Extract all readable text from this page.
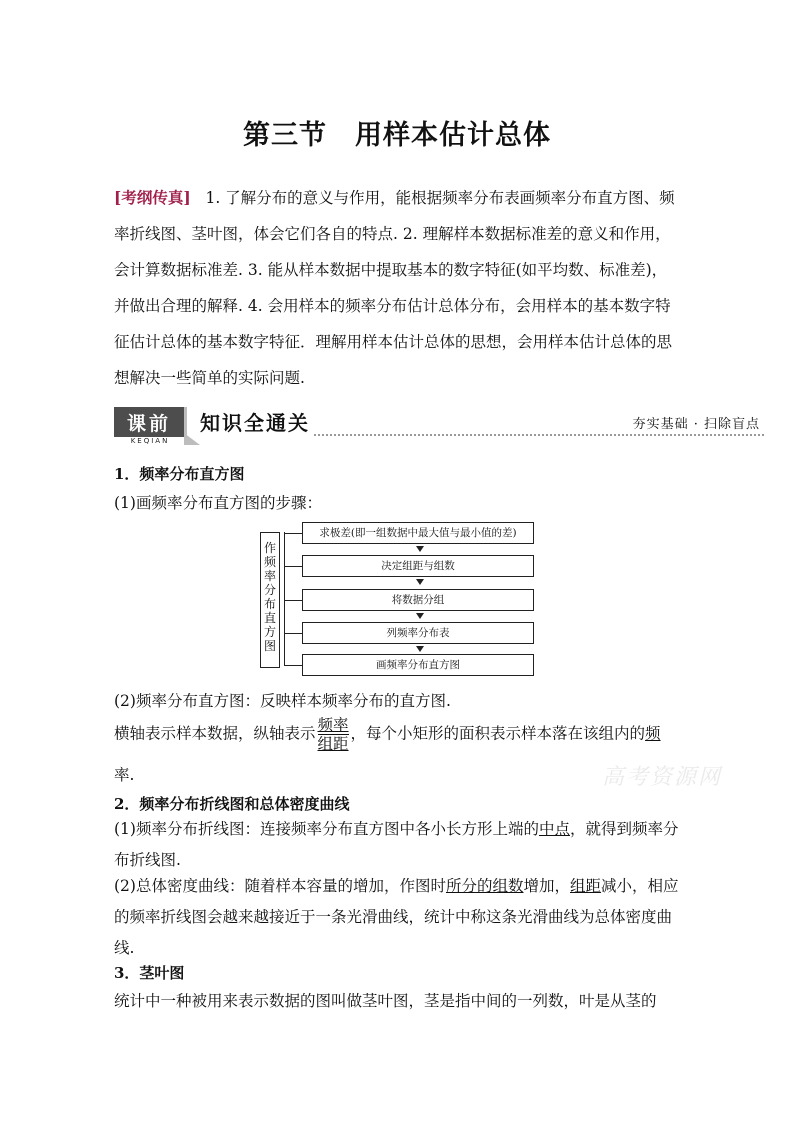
第三节　用样本估计总体
[考纲传真] 1. 了解分布的意义与作用，能根据频率分布表画频率分布直方图、频率折线图、茎叶图，体会它们各自的特点. 2. 理解样本数据标准差的意义和作用，会计算数据标准差. 3. 能从样本数据中提取基本的数字特征(如平均数、标准差)，并做出合理的解释. 4. 会用样本的频率分布估计总体分布，会用样本的基本数字特征估计总体的基本数字特征．理解用样本估计总体的思想，会用样本估计总体的思想解决一些简单的实际问题.
课前
KEQIAN
知识全通关	夯实基础 · 扫除盲点
1．频率分布直方图
(1)画频率分布直方图的步骤：
作
频
率
分
布
直
方
图
求极差(即一组数据中最大值与最小值的差)
决定组距与组数
将数据分组
列频率分布表
画频率分布直方图
(2)频率分布直方图：反映样本频率分布的直方图.
横轴表示样本数据，纵轴表示 $\frac{\text{频率}}{\text{组距}}$ ，每个小矩形的面积表示样本落在该组内的频
率.
2．频率分布折线图和总体密度曲线
(1)频率分布折线图：连接频率分布直方图中各小长方形上端的中点，就得到频率分布折线图.
(2)总体密度曲线：随着样本容量的增加，作图时所分的组数增加，组距减小，相应的频率折线图会越来越接近于一条光滑曲线，统计中称这条光滑曲线为总体密度曲线.
3．茎叶图
统计中一种被用来表示数据的图叫做茎叶图，茎是指中间的一列数，叶是从茎的
高考资源网
